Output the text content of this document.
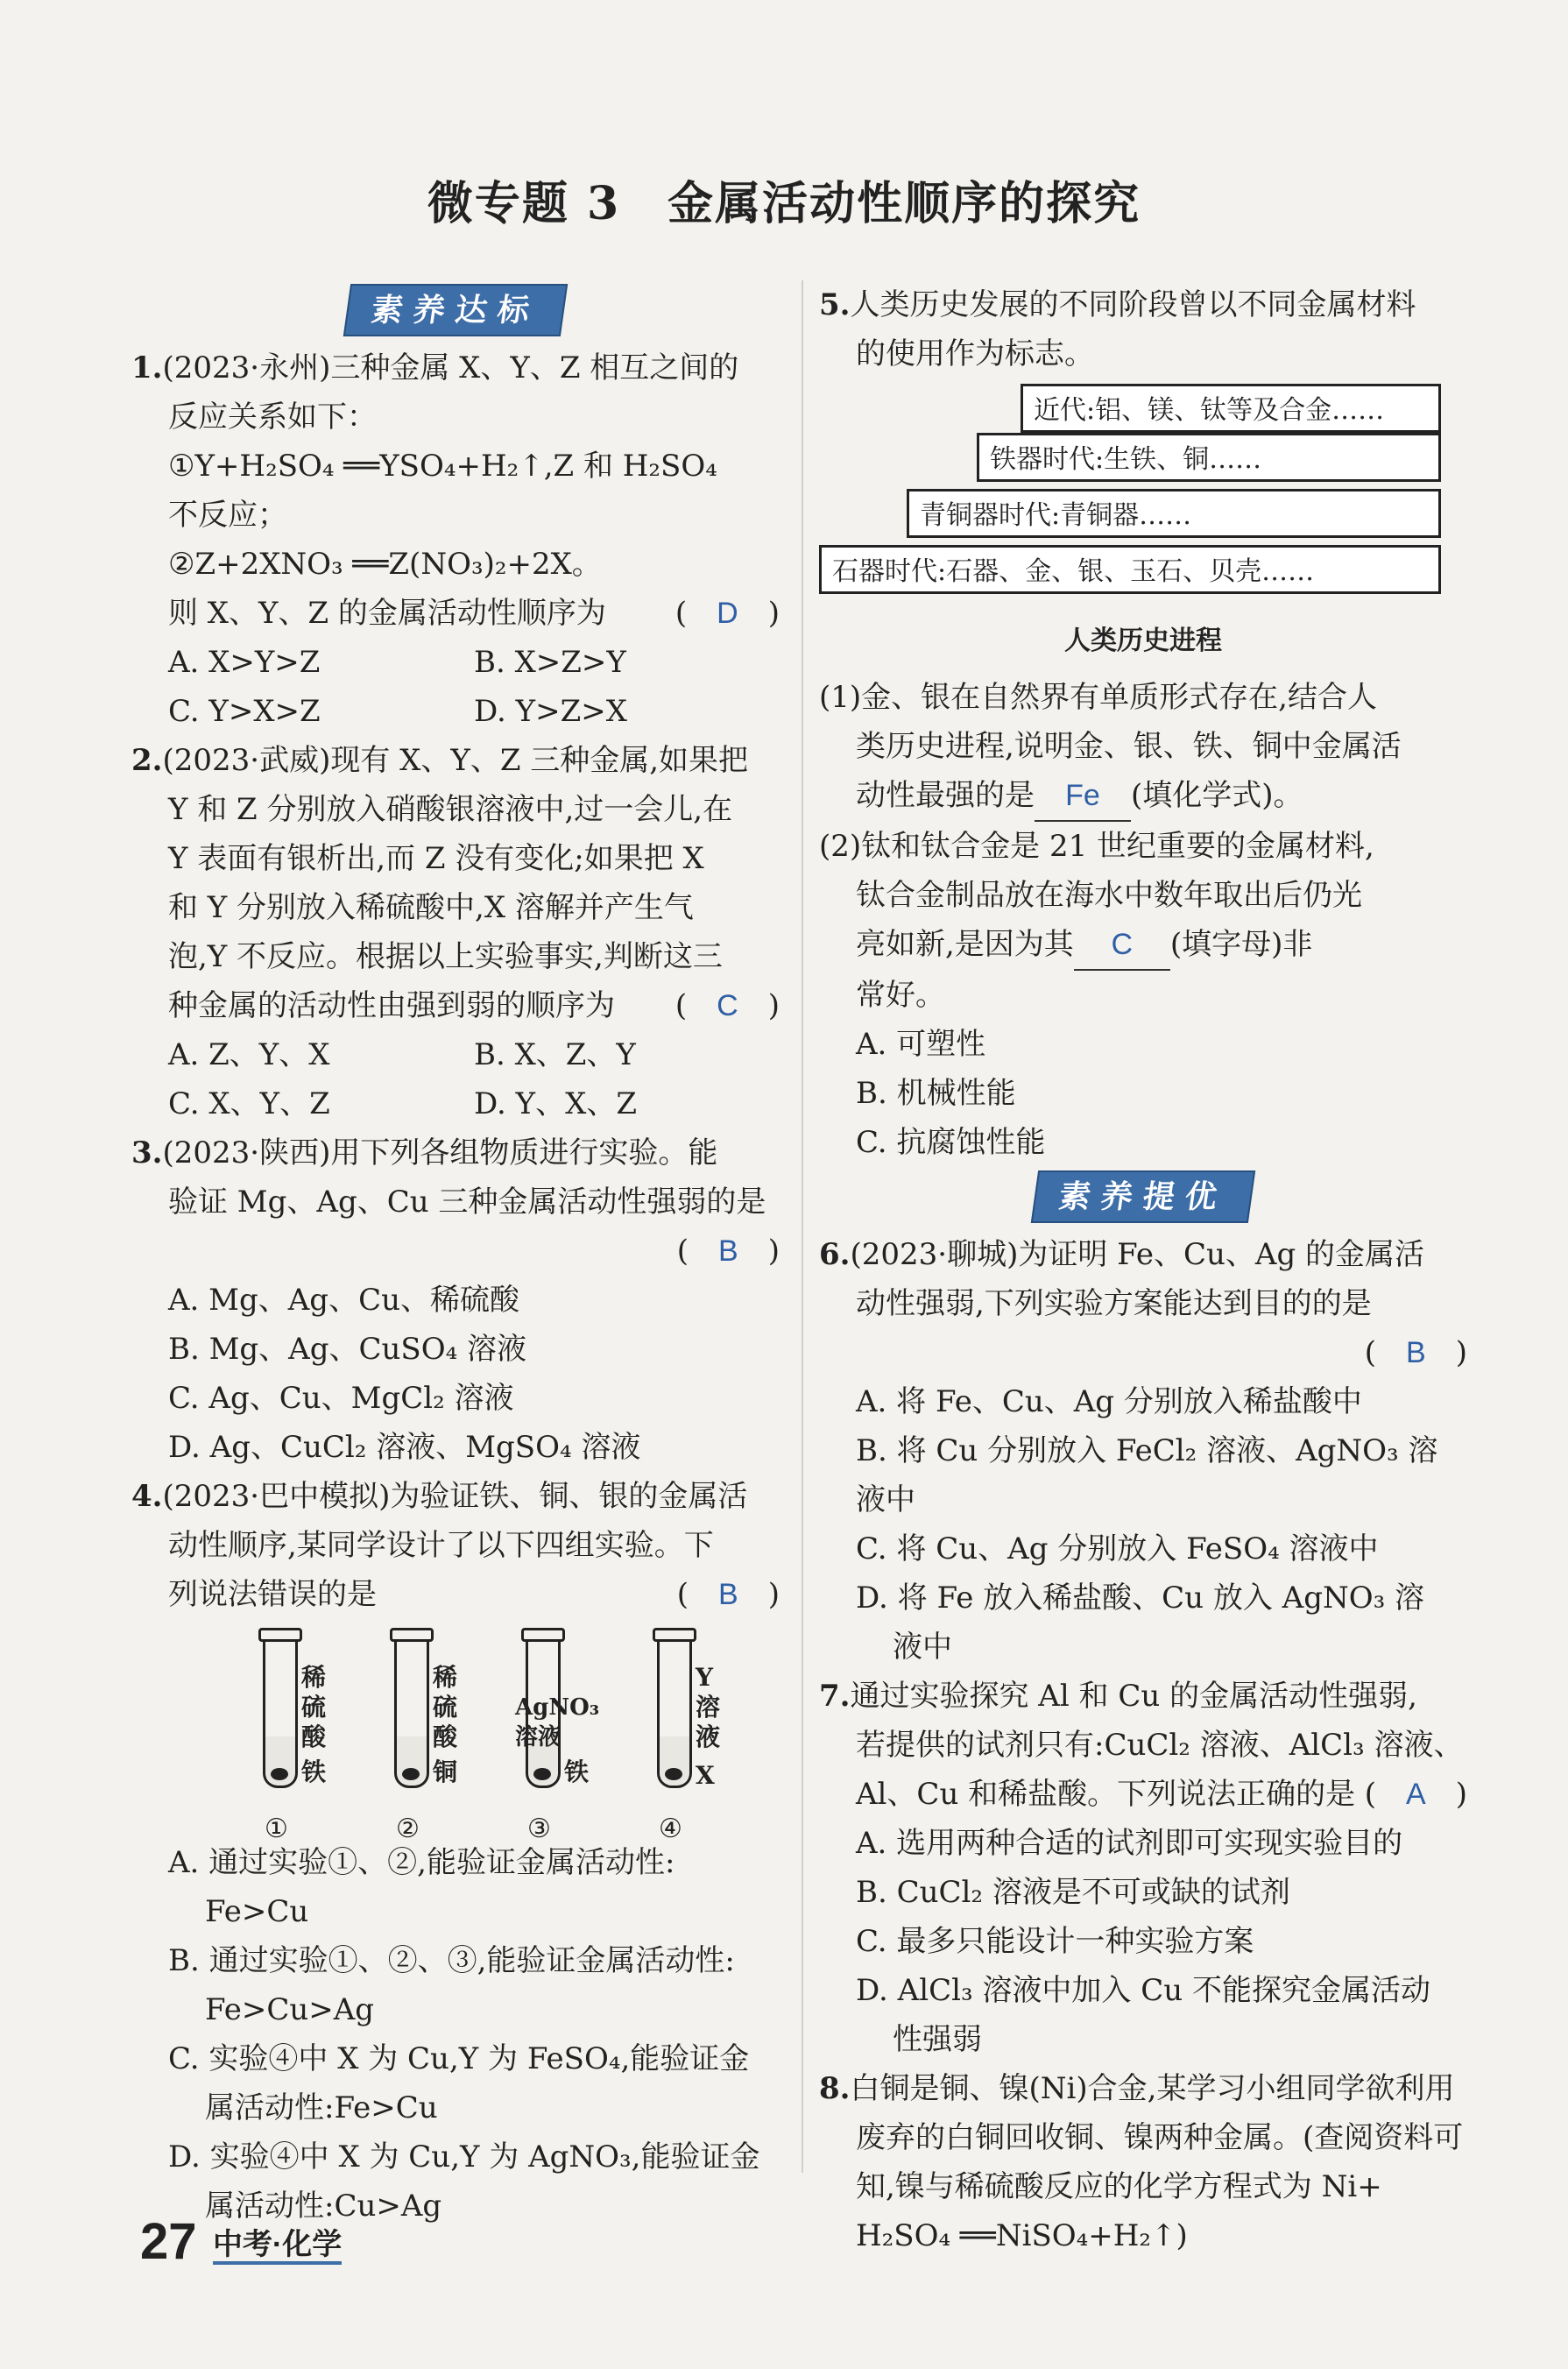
微专题 3　金属活动性顺序的探究
素养达标

1.(2023·永州)三种金属 X、Y、Z 相互之间的

反应关系如下：

①Y+H₂SO₄ ══YSO₄+H₂↑,Z 和 H₂SO₄

不反应；

②Z+2XNO₃ ══Z(NO₃)₂+2X。

则 X、Y、Z 的金属活动性顺序为 (　D　)

A. X>Y>Z	B. X>Z>Y
C. Y>X>Z	D. Y>Z>X

2.(2023·武威)现有 X、Y、Z 三种金属,如果把

Y 和 Z 分别放入硝酸银溶液中,过一会儿,在

Y 表面有银析出,而 Z 没有变化;如果把 X

和 Y 分别放入稀硫酸中,X 溶解并产生气

泡,Y 不反应。根据以上实验事实,判断这三

种金属的活动性由强到弱的顺序为 (　C　)

A. Z、Y、X	B. X、Z、Y
C. X、Y、Z	D. Y、X、Z

3.(2023·陕西)用下列各组物质进行实验。能

验证 Mg、Ag、Cu 三种金属活动性强弱的是

(　B　)

A. Mg、Ag、Cu、稀硫酸

B. Mg、Ag、CuSO₄ 溶液

C. Ag、Cu、MgCl₂ 溶液

D. Ag、CuCl₂ 溶液、MgSO₄ 溶液

4.(2023·巴中模拟)为验证铁、铜、银的金属活

动性顺序,某同学设计了以下四组实验。下

列说法错误的是	(　B　)

稀
硫
酸
铁
①
稀
硫
酸
铜
②
AgNO₃
溶液
铁
③
Y
溶
液
X
④

A. 通过实验①、②,能验证金属活动性:

Fe>Cu

B. 通过实验①、②、③,能验证金属活动性:

Fe>Cu>Ag

C. 实验④中 X 为 Cu,Y 为 FeSO₄,能验证金

属活动性:Fe>Cu

D. 实验④中 X 为 Cu,Y 为 AgNO₃,能验证金

属活动性:Cu>Ag

5.人类历史发展的不同阶段曾以不同金属材料

的使用作为标志。

近代:铝、镁、钛等及合金……
铁器时代:生铁、铜……
青铜器时代:青铜器……
石器时代:石器、金、银、玉石、贝壳……
人类历史进程

(1)金、银在自然界有单质形式存在,结合人

类历史进程,说明金、银、铁、铜中金属活

动性最强的是 Fe (填化学式)。

(2)钛和钛合金是 21 世纪重要的金属材料,

钛合金制品放在海水中数年取出后仍光

亮如新,是因为其 C (填字母)非

常好。

A. 可塑性

B. 机械性能

C. 抗腐蚀性能

素养提优

6.(2023·聊城)为证明 Fe、Cu、Ag 的金属活

动性强弱,下列实验方案能达到目的的是

(　B　)

A. 将 Fe、Cu、Ag 分别放入稀盐酸中

B. 将 Cu 分别放入 FeCl₂ 溶液、AgNO₃ 溶液中

C. 将 Cu、Ag 分别放入 FeSO₄ 溶液中

D. 将 Fe 放入稀盐酸、Cu 放入 AgNO₃ 溶

液中

7.通过实验探究 Al 和 Cu 的金属活动性强弱,

若提供的试剂只有:CuCl₂ 溶液、AlCl₃ 溶液、

Al、Cu 和稀盐酸。下列说法正确的是 (　A　)

A. 选用两种合适的试剂即可实现实验目的

B. CuCl₂ 溶液是不可或缺的试剂

C. 最多只能设计一种实验方案

D. AlCl₃ 溶液中加入 Cu 不能探究金属活动

性强弱

8.白铜是铜、镍(Ni)合金,某学习小组同学欲利用

废弃的白铜回收铜、镍两种金属。(查阅资料可

知,镍与稀硫酸反应的化学方程式为 Ni+

H₂SO₄ ══NiSO₄+H₂↑)

27 中考·化学
